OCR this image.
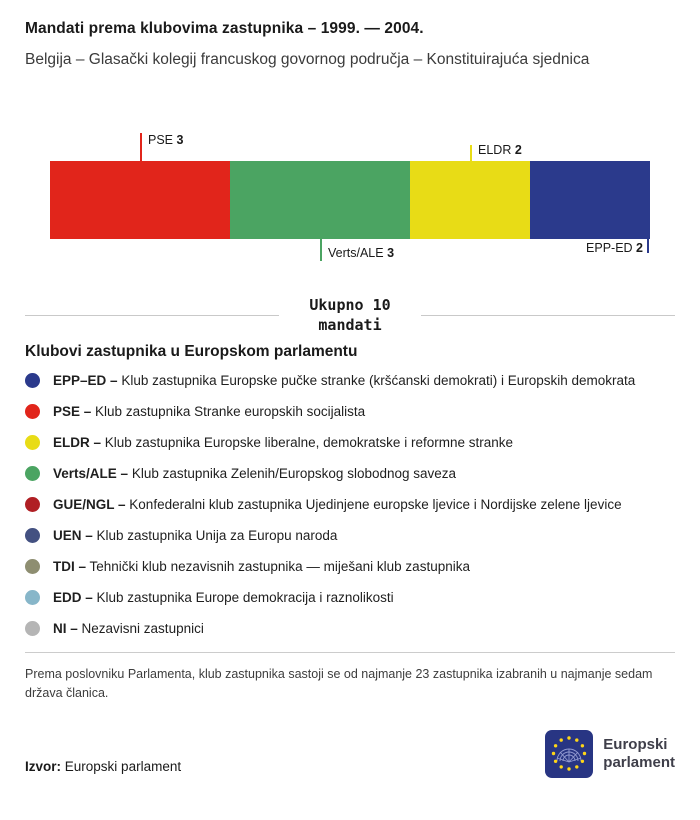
Mandati prema klubovima zastupnika – 1999. — 2004.

Belgija – Glasački kolegij francuskog govornog područja – Konstituirajuća sjednica

PSE 3
ELDR 2
Verts/ALE 3	EPP-ED 2
Ukupno 10
mandati
Klubovi zastupnika u Europskom parlamentu
EPP–ED – Klub zastupnika Europske pučke stranke (kršćanski demokrati) i Europskih demokrata
PSE – Klub zastupnika Stranke europskih socijalista
ELDR – Klub zastupnika Europske liberalne, demokratske i reformne stranke
Verts/ALE – Klub zastupnika Zelenih/Europskog slobodnog saveza
GUE/NGL – Konfederalni klub zastupnika Ujedinjene europske ljevice i Nordijske zelene ljevice
UEN – Klub zastupnika Unija za Europu naroda
TDI – Tehnički klub nezavisnih zastupnika — miješani klub zastupnika
EDD – Klub zastupnika Europe demokracija i raznolikosti
NI – Nezavisni zastupnici

Prema poslovniku Parlamenta, klub zastupnika sastoji se od najmanje 23 zastupnika izabranih u najmanje sedam država članica.

Izvor: Europski parlament

Europski
parlament
